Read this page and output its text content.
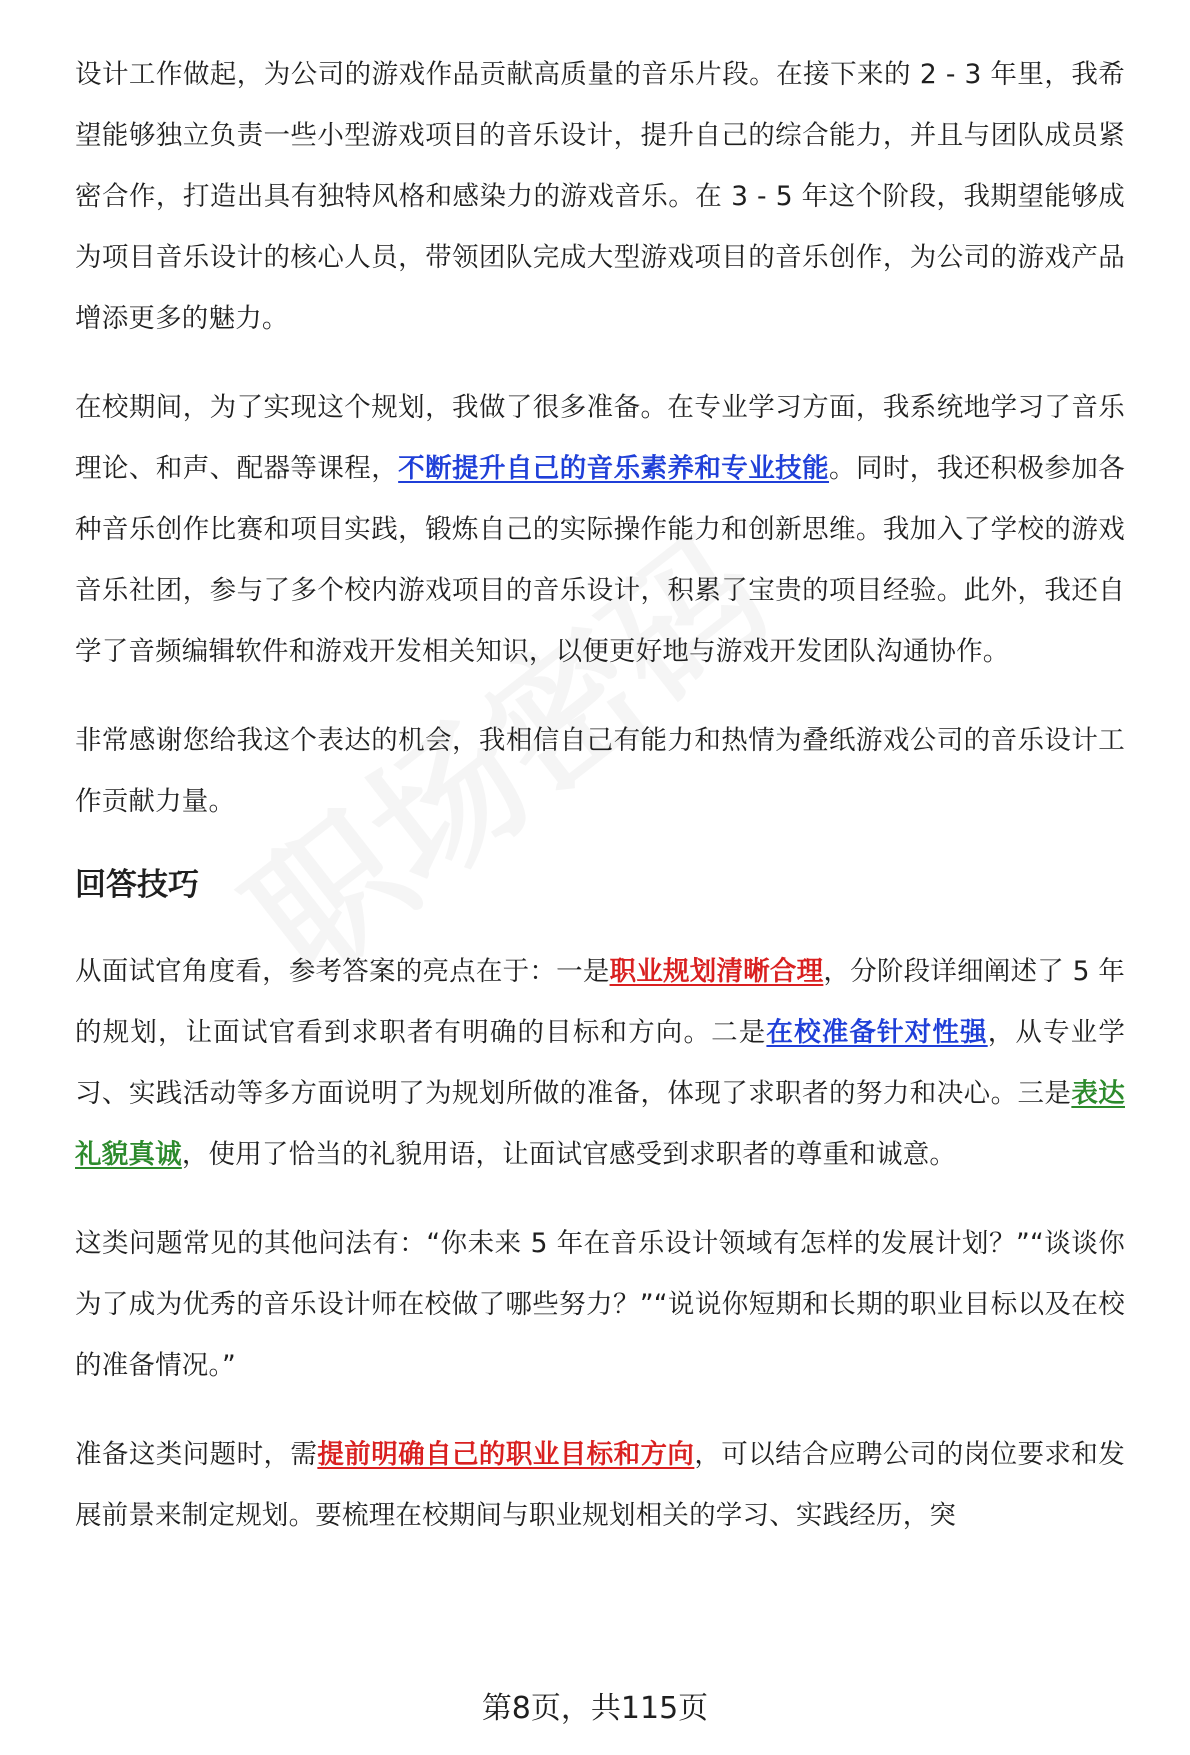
设计工作做起，为公司的游戏作品贡献高质量的音乐片段。在接下来的 2 - 3 年里，我希望能够独立负责一些小型游戏项目的音乐设计，提升自己的综合能力，并且与团队成员紧密合作，打造出具有独特风格和感染力的游戏音乐。在 3 - 5 年这个阶段，我期望能够成为项目音乐设计的核心人员，带领团队完成大型游戏项目的音乐创作，为公司的游戏产品增添更多的魅力。

在校期间，为了实现这个规划，我做了很多准备。在专业学习方面，我系统地学习了音乐理论、和声、配器等课程，不断提升自己的音乐素养和专业技能。同时，我还积极参加各种音乐创作比赛和项目实践，锻炼自己的实际操作能力和创新思维。我加入了学校的游戏音乐社团，参与了多个校内游戏项目的音乐设计，积累了宝贵的项目经验。此外，我还自学了音频编辑软件和游戏开发相关知识，以便更好地与游戏开发团队沟通协作。

非常感谢您给我这个表达的机会，我相信自己有能力和热情为叠纸游戏公司的音乐设计工作贡献力量。

回答技巧

从面试官角度看，参考答案的亮点在于：一是职业规划清晰合理，分阶段详细阐述了 5 年的规划，让面试官看到求职者有明确的目标和方向。二是在校准备针对性强，从专业学习、实践活动等多方面说明了为规划所做的准备，体现了求职者的努力和决心。三是表达礼貌真诚，使用了恰当的礼貌用语，让面试官感受到求职者的尊重和诚意。

这类问题常见的其他问法有：“你未来 5 年在音乐设计领域有怎样的发展计划？”“谈谈你为了成为优秀的音乐设计师在校做了哪些努力？”“说说你短期和长期的职业目标以及在校的准备情况。”

准备这类问题时，需提前明确自己的职业目标和方向，可以结合应聘公司的岗位要求和发展前景来制定规划。要梳理在校期间与职业规划相关的学习、实践经历，突

第8页，共115页
